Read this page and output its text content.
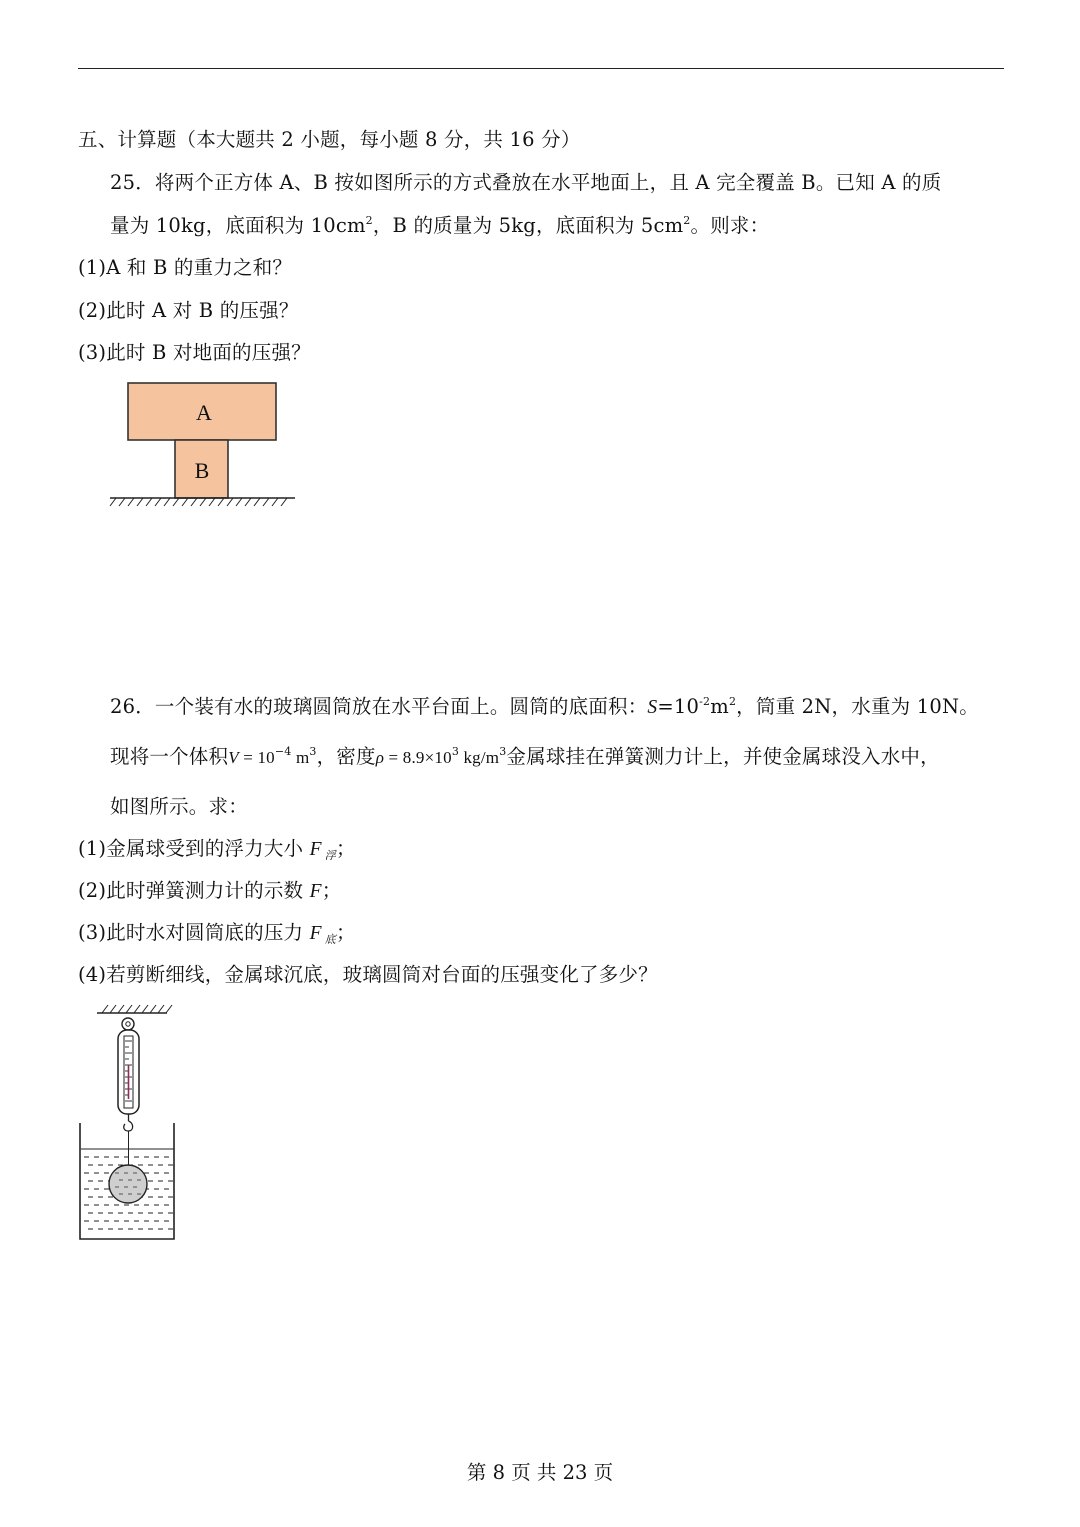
五、计算题（本大题共 2 小题，每小题 8 分，共 16 分）
25．将两个正方体 A、B 按如图所示的方式叠放在水平地面上，且 A 完全覆盖 B。已知 A 的质
量为 10kg，底面积为 $10cm^2$，B 的质量为 5kg，底面积为 $5cm^2$。则求：
(1)A 和 B 的重力之和？
(2)此时 A 对 B 的压强？
(3)此时 B 对地面的压强？
A
B
26．一个装有水的玻璃圆筒放在水平台面上。圆筒的底面积：$S=10^{-2}m^2$，筒重 2N，水重为 10N。
现将一个体积$V = 10^{-4}$ $m^3$，密度$\rho = 8.9\times 10^3$ $kg/m^3$金属球挂在弹簧测力计上，并使金属球没入水中，
如图所示。求：
(1)金属球受到的浮力大小 F $_浮$；
(2)此时弹簧测力计的示数 F；
(3)此时水对圆筒底的压力 F $_底$；
(4)若剪断细线，金属球沉底，玻璃圆筒对台面的压强变化了多少？
第 8 页 共 23 页
